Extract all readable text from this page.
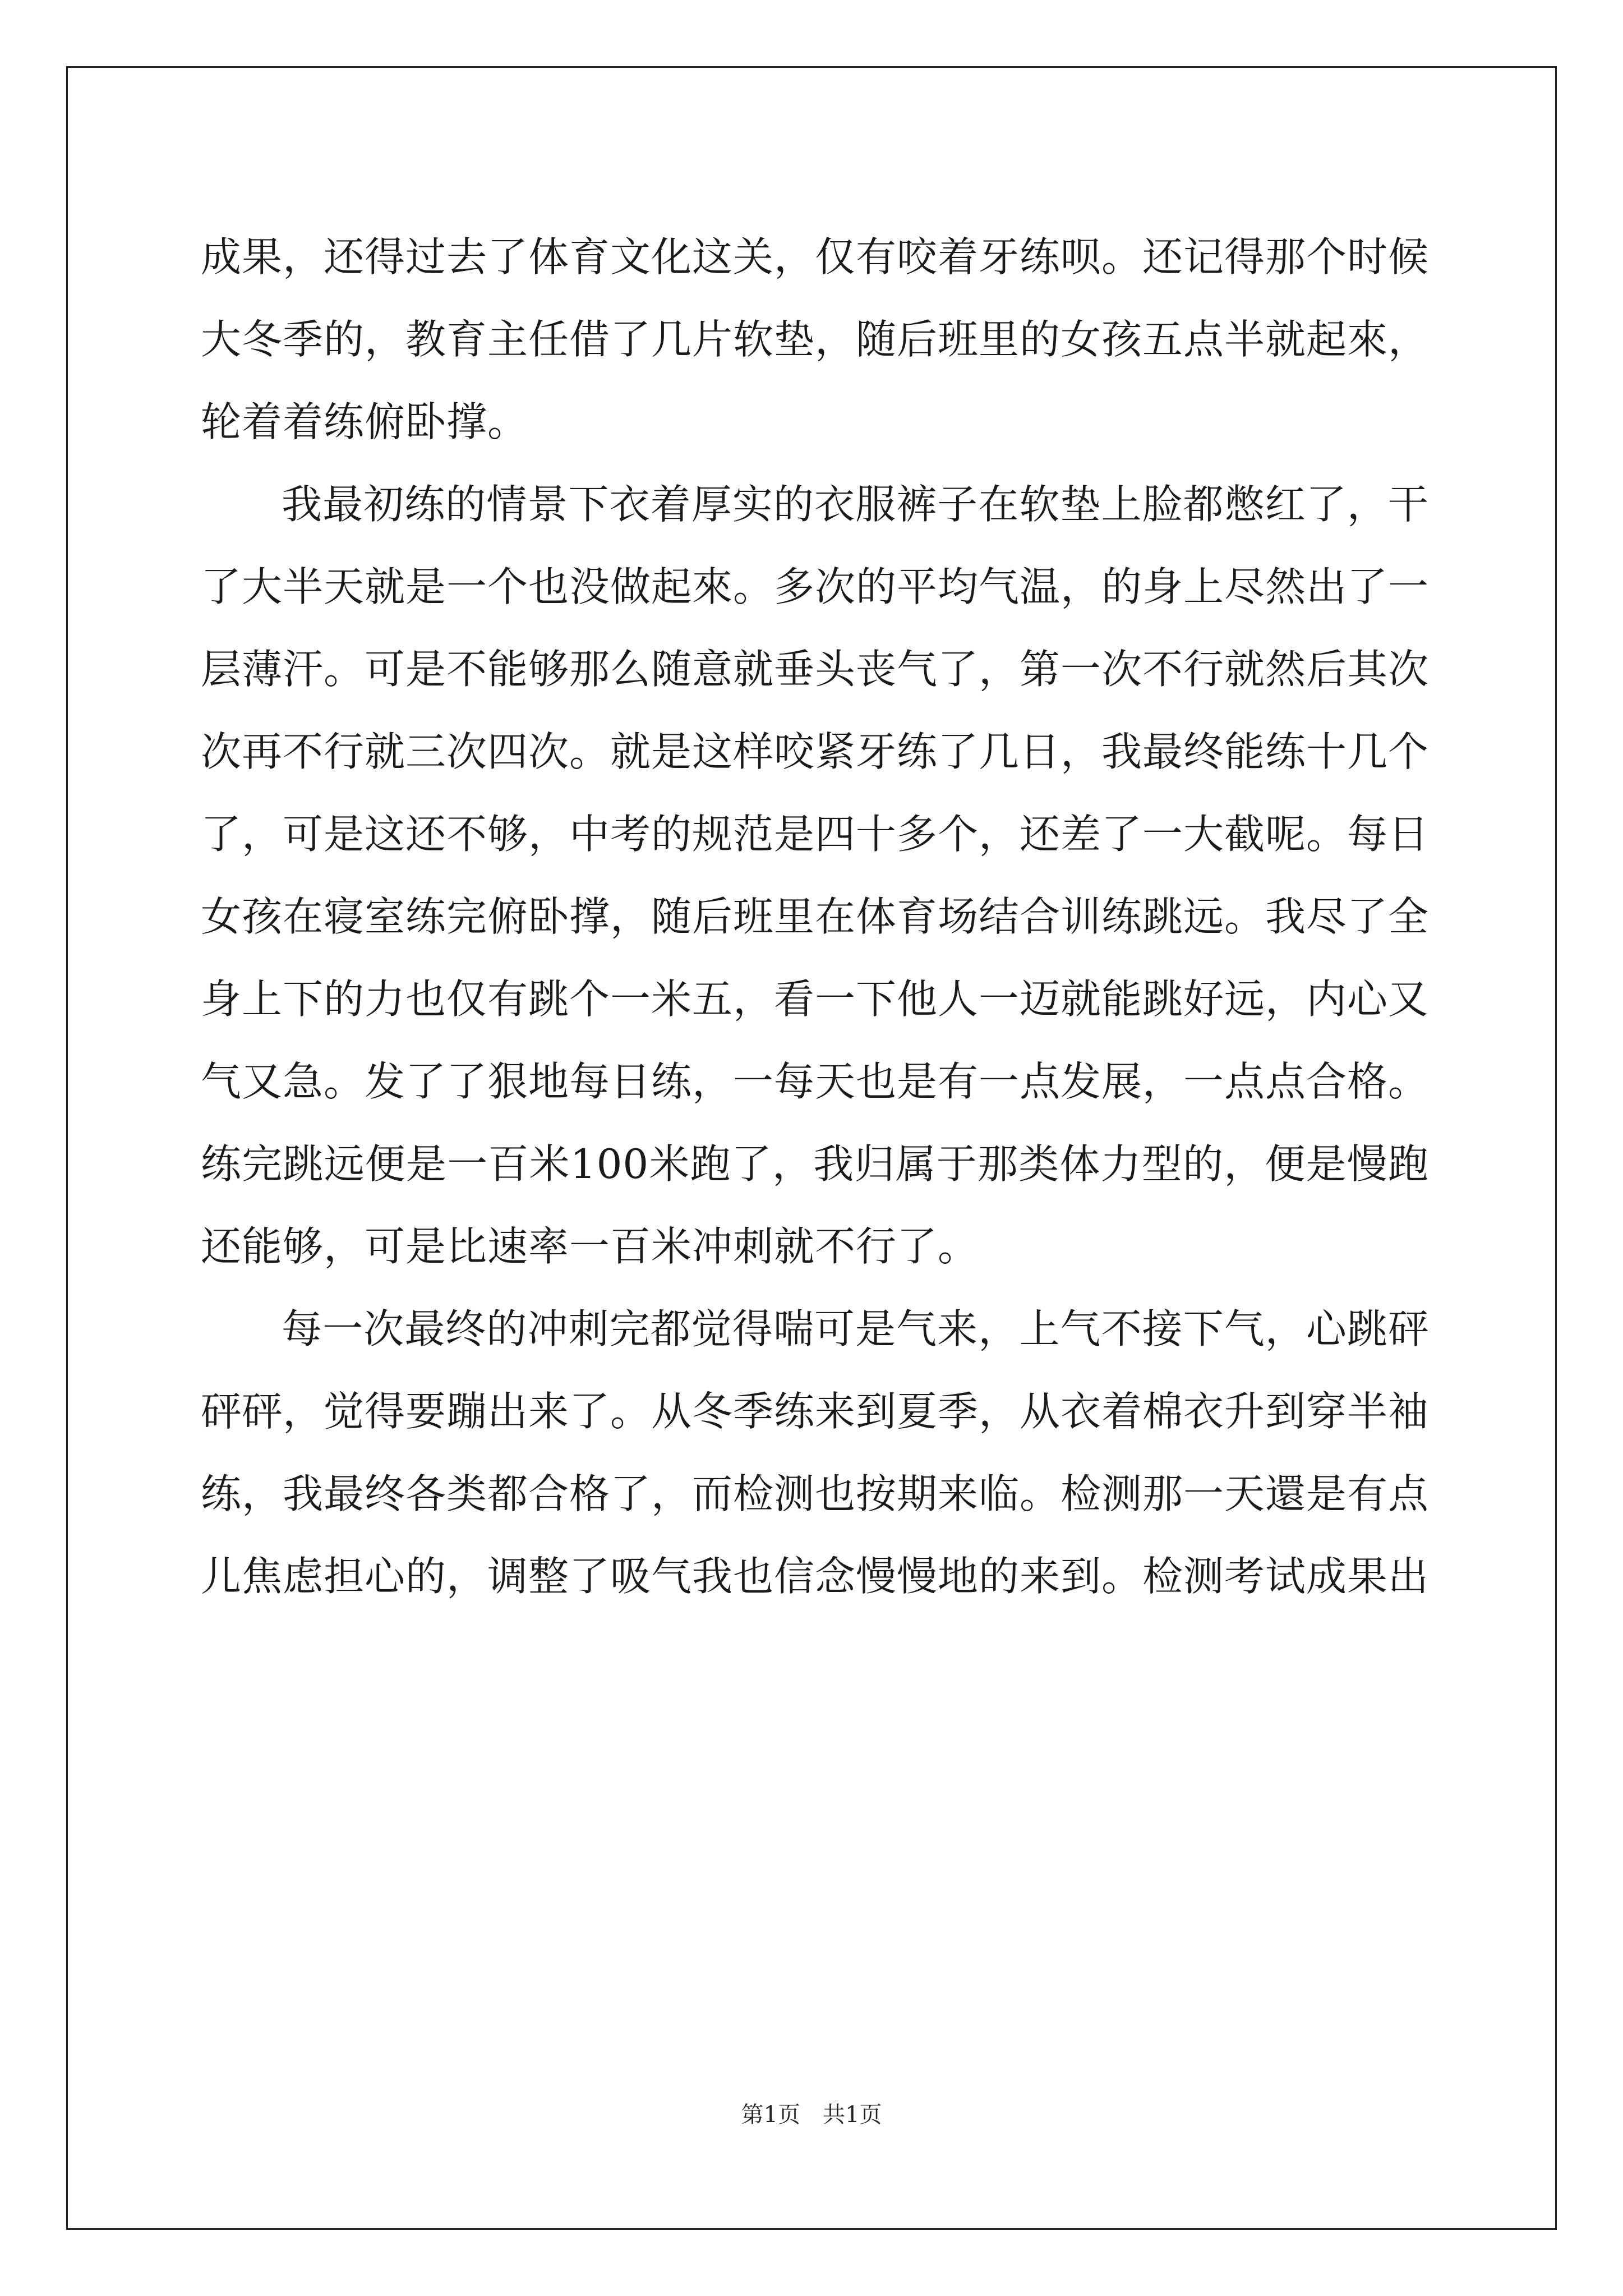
成果，还得过去了体育文化这关，仅有咬着牙练呗。还记得那个时候大冬季的，教育主任借了几片软垫，随后班里的女孩五点半就起來，轮着着练俯卧撑。

我最初练的情景下衣着厚实的衣服裤子在软垫上脸都憋红了，干了大半天就是一个也没做起來。多次的平均气温，的身上尽然出了一层薄汗。可是不能够那么随意就垂头丧气了，第一次不行就然后其次次再不行就三次四次。就是这样咬紧牙练了几日，我最终能练十几个了，可是这还不够，中考的规范是四十多个，还差了一大截呢。每日女孩在寝室练完俯卧撑，随后班里在体育场结合训练跳远。我尽了全身上下的力也仅有跳个一米五，看一下他人一迈就能跳好远，内心又气又急。发了了狠地每日练，一每天也是有一点发展，一点点合格。练完跳远便是一百米100米跑了，我归属于那类体力型的，便是慢跑还能够，可是比速率一百米冲刺就不行了。

每一次最终的冲刺完都觉得喘可是气来，上气不接下气，心跳砰砰砰，觉得要蹦出来了。从冬季练来到夏季，从衣着棉衣升到穿半袖练，我最终各类都合格了，而检测也按期来临。检测那一天還是有点儿焦虑担心的，调整了吸气我也信念慢慢地的来到。检测考试成果出

第1页　共1页
